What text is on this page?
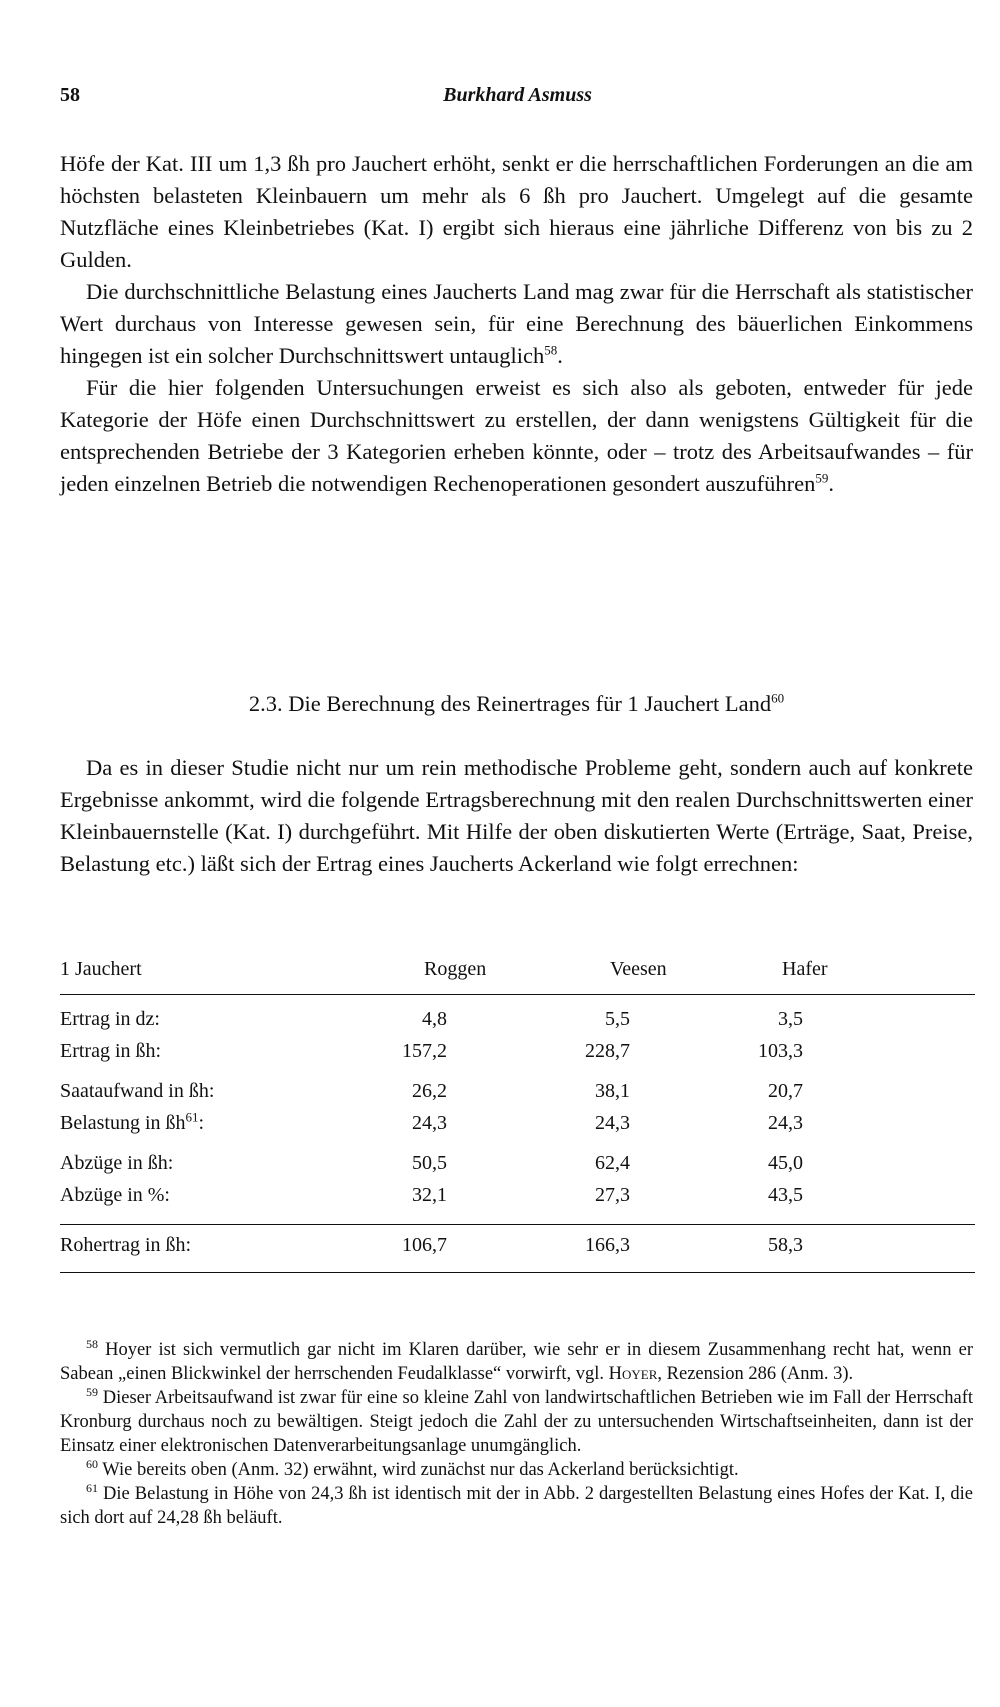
58	Burkhard Asmuss

Höfe der Kat. III um 1,3 ßh pro Jauchert erhöht, senkt er die herrschaftlichen Forderungen an die am höchsten belasteten Kleinbauern um mehr als 6 ßh pro Jauchert. Umgelegt auf die gesamte Nutzfläche eines Kleinbetriebes (Kat. I) ergibt sich hieraus eine jährliche Differenz von bis zu 2 Gulden.

Die durchschnittliche Belastung eines Jaucherts Land mag zwar für die Herrschaft als statistischer Wert durchaus von Interesse gewesen sein, für eine Berechnung des bäuerlichen Einkommens hingegen ist ein solcher Durchschnittswert untauglich$^{58}$.

Für die hier folgenden Untersuchungen erweist es sich also als geboten, entweder für jede Kategorie der Höfe einen Durchschnittswert zu erstellen, der dann wenigstens Gültigkeit für die entsprechenden Betriebe der 3 Kategorien erheben könnte, oder – trotz des Arbeitsaufwandes – für jeden einzelnen Betrieb die notwendigen Rechenoperationen gesondert auszuführen$^{59}$.

2.3. Die Berechnung des Reinertrages für 1 Jauchert Land$^{60}$

Da es in dieser Studie nicht nur um rein methodische Probleme geht, sondern auch auf konkrete Ergebnisse ankommt, wird die folgende Ertragsberechnung mit den realen Durchschnittswerten einer Kleinbauernstelle (Kat. I) durchgeführt. Mit Hilfe der oben diskutierten Werte (Erträge, Saat, Preise, Belastung etc.) läßt sich der Ertrag eines Jaucherts Ackerland wie folgt errechnen:

1 Jauchert	Roggen	Veesen	Hafer
Ertrag in dz:	4,8	5,5	3,5
Ertrag in ßh:	157,2	228,7	103,3
Saataufwand in ßh:	26,2	38,1	20,7
Belastung in $ßh^{61}$:	24,3	24,3	24,3
Abzüge in ßh:	50,5	62,4	45,0
Abzüge in %:	32,1	27,3	43,5
Rohertrag in ßh:	106,7	166,3	58,3

$^{58}$ Hoyer ist sich vermutlich gar nicht im Klaren darüber, wie sehr er in diesem Zusammenhang recht hat, wenn er Sabean „einen Blickwinkel der herrschenden Feudalklasse“ vorwirft, vgl. Hoyer, Rezension 286 (Anm. 3).

$^{59}$ Dieser Arbeitsaufwand ist zwar für eine so kleine Zahl von landwirtschaftlichen Betrieben wie im Fall der Herrschaft Kronburg durchaus noch zu bewältigen. Steigt jedoch die Zahl der zu untersuchenden Wirtschaftseinheiten, dann ist der Einsatz einer elektronischen Datenverarbeitungsanlage unumgänglich.

$^{60}$ Wie bereits oben (Anm. 32) erwähnt, wird zunächst nur das Ackerland berücksichtigt.

$^{61}$ Die Belastung in Höhe von 24,3 ßh ist identisch mit der in Abb. 2 dargestellten Belastung eines Hofes der Kat. I, die sich dort auf 24,28 ßh beläuft.
